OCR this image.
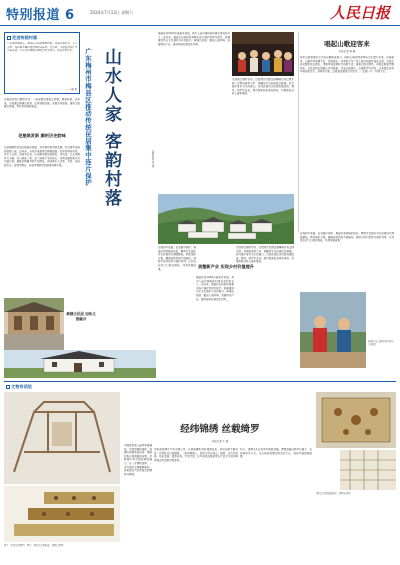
特别报道 6	2024年7月13日 星期六	人民日报
走进传统村落
广东梅州梅县区，是客家人的重要聚居地。这里山清水秀，人文荟萃，保存着大量传统村落和古民居。近年来，当地坚持保护与发展并重，让古老村落焕发新的生机与活力，留住乡愁记忆。
——编 者
在梅县区南口镇侨乡村，一座座围龙屋依山而建，错落有致。近年来，当地通过修缮古民居、完善基础设施、发展乡村旅游，推动文旅融合发展，带动村民增收致富。
老屋焕发新 颜析历史韵味
白宫镇新联村地处梅县区西部，村中现存客家围龙屋、杠式屋等传统民居数十座。近年来，当地对老屋进行修缮加固，恢复其原有风貌，并引入文创、民宿等业态，让老屋重新热闹起来。村民说，过去老屋年久失修，如今焕然一新，成了游客打卡的地方。村里还建起客家文化展示馆，展陈农耕器具和生活用品，讲述客家人迁徙、开基、创业的历史。每逢节假日，前来参观研学的游客络绎不绝。
修缮古民居 加快文旅融合
山水人家 客韵村落
广东梅州市梅县区推动传统民居集中连片保护	本报记者 李 刚
梅县区有1000多座客家民居，其中入选中国传统村落名录的有多个。近年来，梅县区以传统村落集中连片保护利用为抓手，统筹推进历史文化保护与乡村振兴，修缮古民居、整治人居环境、发展特色产业，推动传统村落活化利用。
走进南口镇侨乡村，白墙黛瓦的围龙屋掩映在青山绿水间。村里的南华又庐、德馨堂等古民居经过修缮，成为展示客家文化的窗口。当地还依托古民居发展民宿、餐饮、研学等业态，吸引游客前来观光体验，村集体经济收入逐年增加。
美整新产业 实现乡村价值提升
在保护中发展，在发展中保护。梅县区坚持修旧如旧，聘请专业团队对古民居进行测绘建档，制定保护方案，确保传统风貌不被破坏。同时引导村民参与保护利用，让村民在家门口就业增收，共享发展成果。
梅县区有1000多座客家民居，其中入选中国传统村落名录的有多个。近年来，梅县区以传统村落集中连片保护利用为抓手，统筹推进历史文化保护与乡村振兴，修缮古民居、整治人居环境、发展特色产业，推动传统村落活化利用。
走进南口镇侨乡村，白墙黛瓦的围龙屋掩映在青山绿水间。村里的南华又庐、德馨堂等古民居经过修缮，成为展示客家文化的窗口。当地还依托古民居发展民宿、餐饮、研学等业态，吸引游客前来观光体验，村集体经济收入逐年增加。
唱起山歌迎客来
本报记者 李 刚
客家山歌是客家文化的重要组成部分，被列入国家级非物质文化遗产名录。在梅县区，山歌声声传唱不息。每到周末，村里的文化广场上都会响起悠扬的山歌，村民们自发组织起山歌队，用歌声讲述新时代的新生活。游客们驻足聆听，有的还跟着学唱起来。当地还把山歌融入乡村旅游，开发山歌演艺、山歌研学等项目，让非遗在传承中焕发新活力。老歌手们说，山歌是祖辈留下的宝贝，一定要一代一代唱下去。
在保护中发展，在发展中保护。梅县区坚持修旧如旧，聘请专业团队对古民居进行测绘建档，制定保护方案，确保传统风貌不被破坏。同时引导村民参与保护利用，让村民在家门口就业增收，共享发展成果。
梅县区南口镇侨乡村风貌。李 刚摄
文物有话说
图①：织机复原模型；图②：丝织品文物局部。博物馆供图
经纬锦绣 丝载绮罗
本报记者 王 斌
中国是世界上最早养蚕缫丝、织造丝绸的国家。丝绸以其精美的纹样、绚丽的色彩和细腻的质感，承载着中华文明的独特魅力。在一家博物馆里，一件件丝织文物静静陈列，诉说着古代织造技艺的精妙与辉煌。
织机是丝绸生产的关键工具。从原始腰机到花楼提花机，织机结构不断改进，织造技艺日趋精湛。一块块锦缎上，经纬交织出祥云、瑞兽、花卉等纹样，色彩富丽，寓意吉祥。专家介绍，这些丝织品是研究古代社会生活和审美观念的重要实物资料。
如今，丝绸文化在传承中创新发展。博物馆通过数字化展示、互动体验等方式，让古老的丝绸文物走近大众，讲好中国丝绸故事。
丝织品文物局部纹样。博物馆供图
